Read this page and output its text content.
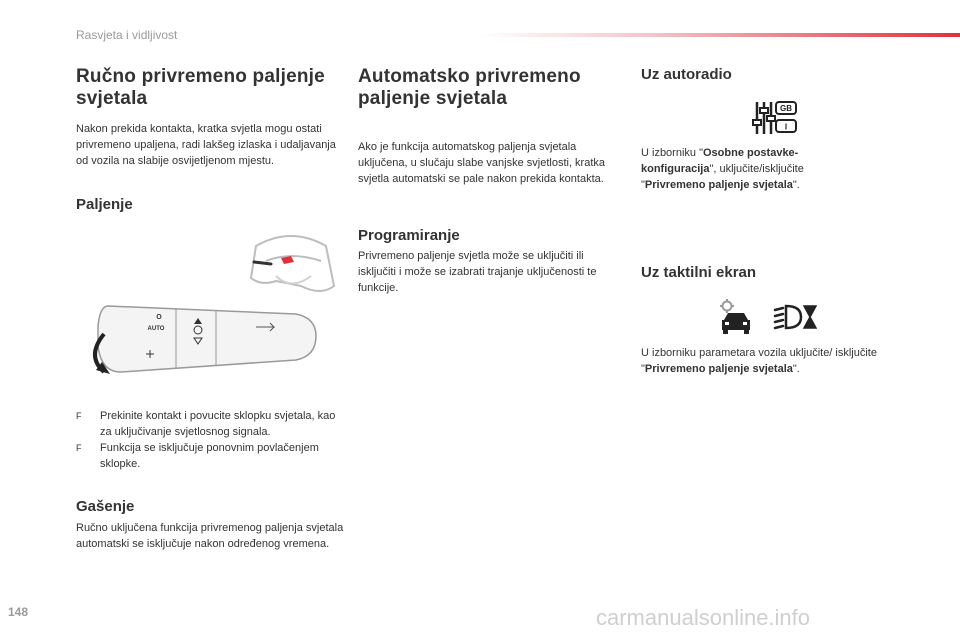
Rasvjeta i vidljivost

Ručno privremeno paljenje svjetala

Nakon prekida kontakta, kratka svjetla mogu ostati privremeno upaljena, radi lakšeg izlaska i udaljavanja od vozila na slabije osvijetljenom mjestu.

Paljenje
O
AUTO
F Prekinite kontakt i povucite sklopku svjetala, kao za uključivanje svjetlosnog signala.
F Funkcija se isključuje ponovnim povlačenjem sklopke.
Gašenje

Ručno uključena funkcija privremenog paljenja svjetala automatski se isključuje nakon određenog vremena.

Automatsko privremeno paljenje svjetala

Ako je funkcija automatskog paljenja svjetala uključena, u slučaju slabe vanjske svjetlosti, kratka svjetla automatski se pale nakon prekida kontakta.

Programiranje

Privremeno paljenje svjetla može se uključiti ili isključiti i može se izabrati trajanje uključenosti te funkcije.

Uz autoradio
GB
I

U izborniku "Osobne postavke-konfiguracija", uključite/isključite "Privremeno paljenje svjetala".

Uz taktilni ekran

U izborniku parametara vozila uključite/ isključite "Privremeno paljenje svjetala".

148	carmanualsonline.info
